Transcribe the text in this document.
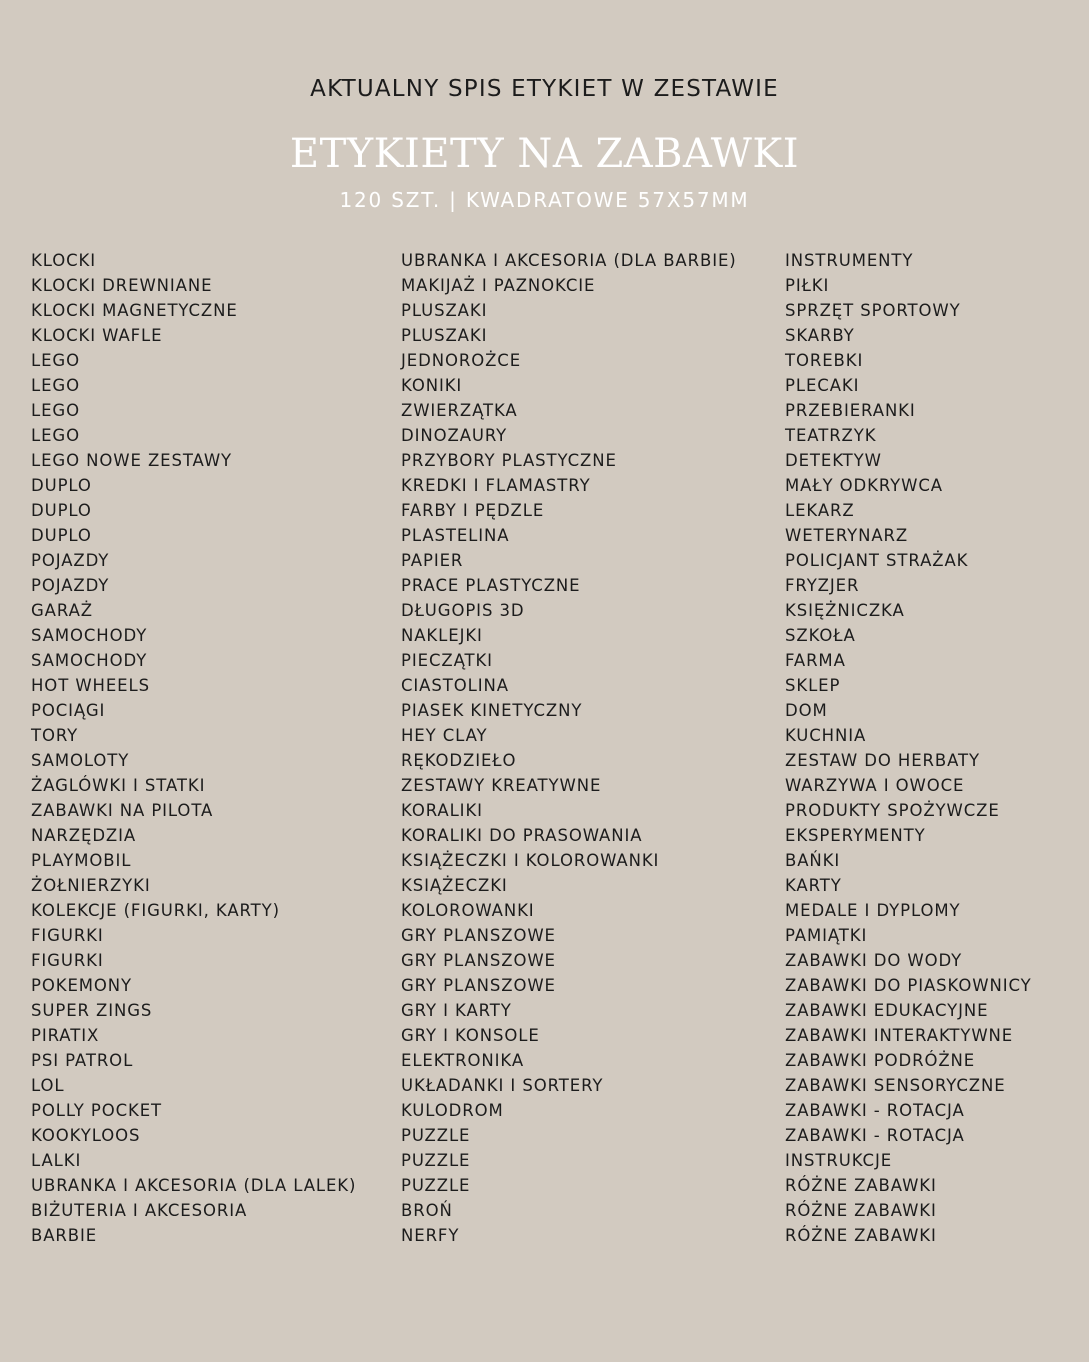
AKTUALNY SPIS ETYKIET W ZESTAWIE
ETYKIETY NA ZABAWKI
120 SZT. | KWADRATOWE 57X57MM
KLOCKI
KLOCKI DREWNIANE
KLOCKI MAGNETYCZNE
KLOCKI WAFLE
LEGO
LEGO
LEGO
LEGO
LEGO NOWE ZESTAWY
DUPLO
DUPLO
DUPLO
POJAZDY
POJAZDY
GARAŻ
SAMOCHODY
SAMOCHODY
HOT WHEELS
POCIĄGI
TORY
SAMOLOTY
ŻAGLÓWKI I STATKI
ZABAWKI NA PILOTA
NARZĘDZIA
PLAYMOBIL
ŻOŁNIERZYKI
KOLEKCJE (FIGURKI, KARTY)
FIGURKI
FIGURKI
POKEMONY
SUPER ZINGS
PIRATIX
PSI PATROL
LOL
POLLY POCKET
KOOKYLOOS
LALKI
UBRANKA I AKCESORIA (DLA LALEK)
BIŻUTERIA I AKCESORIA
BARBIE
UBRANKA I AKCESORIA (DLA BARBIE)
MAKIJAŻ I PAZNOKCIE
PLUSZAKI
PLUSZAKI
JEDNOROŻCE
KONIKI
ZWIERZĄTKA
DINOZAURY
PRZYBORY PLASTYCZNE
KREDKI I FLAMASTRY
FARBY I PĘDZLE
PLASTELINA
PAPIER
PRACE PLASTYCZNE
DŁUGOPIS 3D
NAKLEJKI
PIECZĄTKI
CIASTOLINA
PIASEK KINETYCZNY
HEY CLAY
RĘKODZIEŁO
ZESTAWY KREATYWNE
KORALIKI
KORALIKI DO PRASOWANIA
KSIĄŻECZKI I KOLOROWANKI
KSIĄŻECZKI
KOLOROWANKI
GRY PLANSZOWE
GRY PLANSZOWE
GRY PLANSZOWE
GRY I KARTY
GRY I KONSOLE
ELEKTRONIKA
UKŁADANKI I SORTERY
KULODROM
PUZZLE
PUZZLE
PUZZLE
BROŃ
NERFY
INSTRUMENTY
PIŁKI
SPRZĘT SPORTOWY
SKARBY
TOREBKI
PLECAKI
PRZEBIERANKI
TEATRZYK
DETEKTYW
MAŁY ODKRYWCA
LEKARZ
WETERYNARZ
POLICJANT STRAŻAK
FRYZJER
KSIĘŻNICZKA
SZKOŁA
FARMA
SKLEP
DOM
KUCHNIA
ZESTAW DO HERBATY
WARZYWA I OWOCE
PRODUKTY SPOŻYWCZE
EKSPERYMENTY
BAŃKI
KARTY
MEDALE I DYPLOMY
PAMIĄTKI
ZABAWKI DO WODY
ZABAWKI DO PIASKOWNICY
ZABAWKI EDUKACYJNE
ZABAWKI INTERAKTYWNE
ZABAWKI PODRÓŻNE
ZABAWKI SENSORYCZNE
ZABAWKI - ROTACJA
ZABAWKI - ROTACJA
INSTRUKCJE
RÓŻNE ZABAWKI
RÓŻNE ZABAWKI
RÓŻNE ZABAWKI
